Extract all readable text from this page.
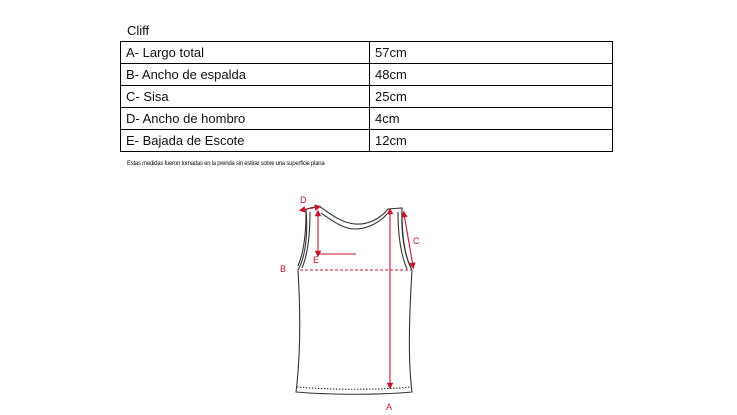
Cliff
A- Largo total	57cm
B- Ancho de espalda	48cm
C- Sisa	25cm
D- Ancho de hombro	4cm
E- Bajada de Escote	12cm
Estas medidas fueron tomadas en la prenda sin estirar sobre una superficie plana
A
B
C
D
E
